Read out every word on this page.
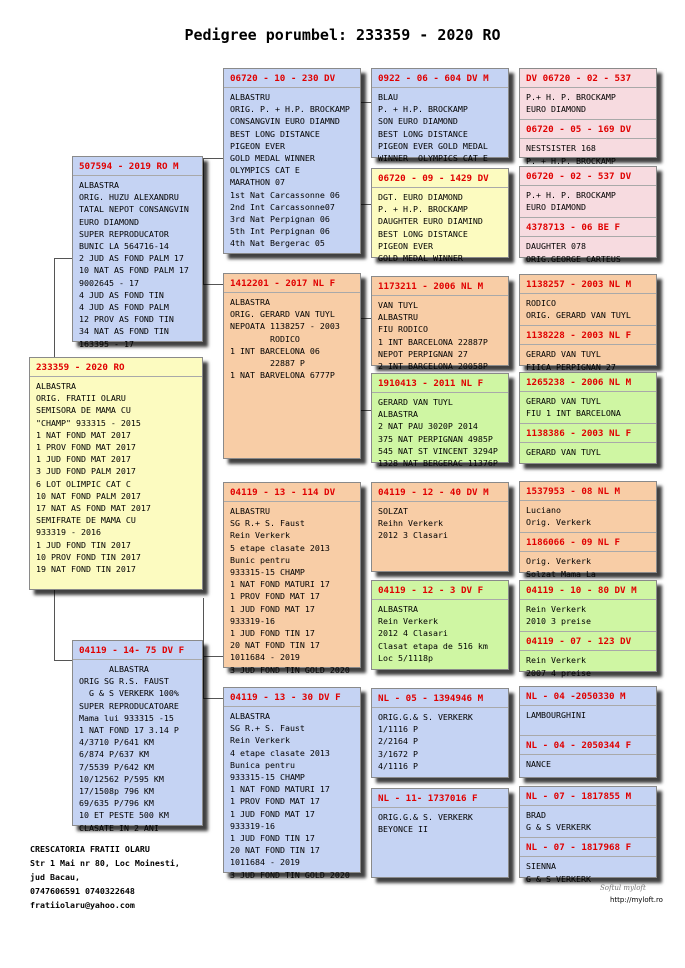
Pedigree porumbel: 233359 - 2020 RO
233359 - 2020 RO
ALBASTRA
ORIG. FRATII OLARU
SEMISORA DE MAMA CU
"CHAMP" 933315 - 2015
1 NAT FOND MAT 2017
1 PROV FOND MAT 2017
1 JUD FOND MAT 2017
3 JUD FOND PALM 2017
6 LOT OLIMPIC CAT C
10 NAT FOND PALM 2017
17 NAT AS FOND MAT 2017
SEMIFRATE DE MAMA CU
933319 - 2016
1 JUD FOND TIN 2017
10 PROV FOND TIN 2017
19 NAT FOND TIN 2017
507594 - 2019 RO M
ALBASTRA
ORIG. HUZU ALEXANDRU
TATAL NEPOT CONSANGVIN
EURO DIAMOND
SUPER REPRODUCATOR
BUNIC LA 564716-14
2 JUD AS FOND PALM 17
10 NAT AS FOND PALM 17
9002645 - 17
4 JUD AS FOND TIN
4 JUD AS FOND PALM
12 PROV AS FOND TIN
34 NAT AS FOND TIN
163395 - 17
04119 - 14- 75 DV F
ALBASTRA
ORIG SG R.S. FAUST
G & S VERKERK 100%
SUPER REPRODUCATOARE
Mama lui 933315 -15
1 NAT FOND 17 3.14 P
4/3710 P/641 KM
6/874 P/637 KM
7/5539 P/642 KM
10/12562 P/595 KM
17/1508p 796 KM
69/635 P/796 KM
10 ET PESTE 500 KM
CLASATE IN 2 ANI
06720 - 10 - 230 DV
ALBASTRU
ORIG. P. + H.P. BROCKAMP
CONSANGVIN EURO DIAMND
BEST LONG DISTANCE
PIGEON EVER
GOLD MEDAL WINNER
OLYMPICS CAT E
MARATHON 07
1st Nat Carcassonne 06
2nd Int Carcassonne07
3rd Nat Perpignan 06
5th Int Perpignan 06
4th Nat Bergerac 05
1412201 - 2017 NL F
ALBASTRA
ORIG. GERARD VAN TUYL
NEPOATA 1138257 - 2003
RODICO
1 INT BARCELONA 06
22887 P
1 NAT BARVELONA 6777P
04119 - 13 - 114 DV
ALBASTRU
SG R.+ S. Faust
Rein Verkerk
5 etape clasate 2013
Bunic pentru
933315-15 CHAMP
1 NAT FOND MATURI 17
1 PROV FOND MAT 17
1 JUD FOND MAT 17
933319-16
1 JUD FOND TIN 17
20 NAT FOND TIN 17
1011684 - 2019
3 JUD FOND TIN GOLD 2020
04119 - 13 - 30 DV F
ALBASTRA
SG R.+ S. Faust
Rein Verkerk
4 etape clasate 2013
Bunica pentru
933315-15 CHAMP
1 NAT FOND MATURI 17
1 PROV FOND MAT 17
1 JUD FOND MAT 17
933319-16
1 JUD FOND TIN 17
20 NAT FOND TIN 17
1011684 - 2019
3 JUD FOND TIN GOLD 2020
0922 - 06 - 604 DV M
BLAU
P. + H.P. BROCKAMP
SON EURO DIAMOND
BEST LONG DISTANCE
PIGEON EVER GOLD MEDAL
WINNER  OLYMPICS CAT E
06720 - 09 - 1429 DV
DGT. EURO DIAMOND
P. + H.P. BROCKAMP
DAUGHTER EURO DIAMIND
BEST LONG DISTANCE
PIGEON EVER
GOLD MEDAL WINNER
1173211 - 2006 NL M
VAN TUYL
ALBASTRU
FIU RODICO
1 INT BARCELONA 22887P
NEPOT PERPIGNAN 27
2 INT BARCELONA 20058P
1910413 - 2011 NL F
GERARD VAN TUYL
ALBASTRA
2 NAT PAU 3020P 2014
375 NAT PERPIGNAN 4985P
545 NAT ST VINCENT 3294P
1328 NAT BERGERAC 11376P
04119 - 12 - 40 DV M
SOLZAT
Reihn Verkerk
2012 3 Clasari
04119 - 12 - 3 DV F
ALBASTRA
Rein Verkerk
2012 4 Clasari
Clasat etapa de 516 km
Loc 5/1118p
NL - 05 - 1394946 M
ORIG.G.& S. VERKERK
1/1116 P
2/2164 P
3/1672 P
4/1116 P
NL - 11- 1737016 F
ORIG.G.& S. VERKERK
BEYONCE II
DV 06720 - 02 - 537
P.+ H. P. BROCKAMP
EURO DIAMOND
06720 - 05 - 169 DV
NESTSISTER 168
P. + H.P. BROCKAMP
06720 - 02 - 537 DV
P.+ H. P. BROCKAMP
EURO DIAMOND
4378713 - 06 BE F
DAUGHTER 078
ORIG.GEORGE CARTEUS
1138257 - 2003 NL M
RODICO
ORIG. GERARD VAN TUYL
1138228 - 2003 NL F
GERARD VAN TUYL
FIICA PERPIGNAN 27
1265238 - 2006 NL M
GERARD VAN TUYL
FIU 1 INT BARCELONA
1138386 - 2003 NL F
GERARD VAN TUYL
1537953 - 08 NL M
Luciano
Orig. Verkerk
1186066 - 09 NL F
Orig. Verkerk
Solzat Mama La
04119 - 10 - 80 DV M
Rein Verkerk
2010 3 preise
04119 - 07 - 123 DV
Rein Verkerk
2007 4 preise
NL - 04 -2050330 M
LAMBOURGHINI
NL - 04 - 2050344 F
NANCE
NL - 07 - 1817855 M
BRAD
G & S VERKERK
NL - 07 - 1817968 F
SIENNA
G & S VERKERK
CRESCATORIA FRATII OLARU
Str 1 Mai nr 80, Loc Moinesti,
jud Bacau,
0747606591 0740322648
fratiiolaru@yahoo.com
Softul myloft
http://myloft.ro
